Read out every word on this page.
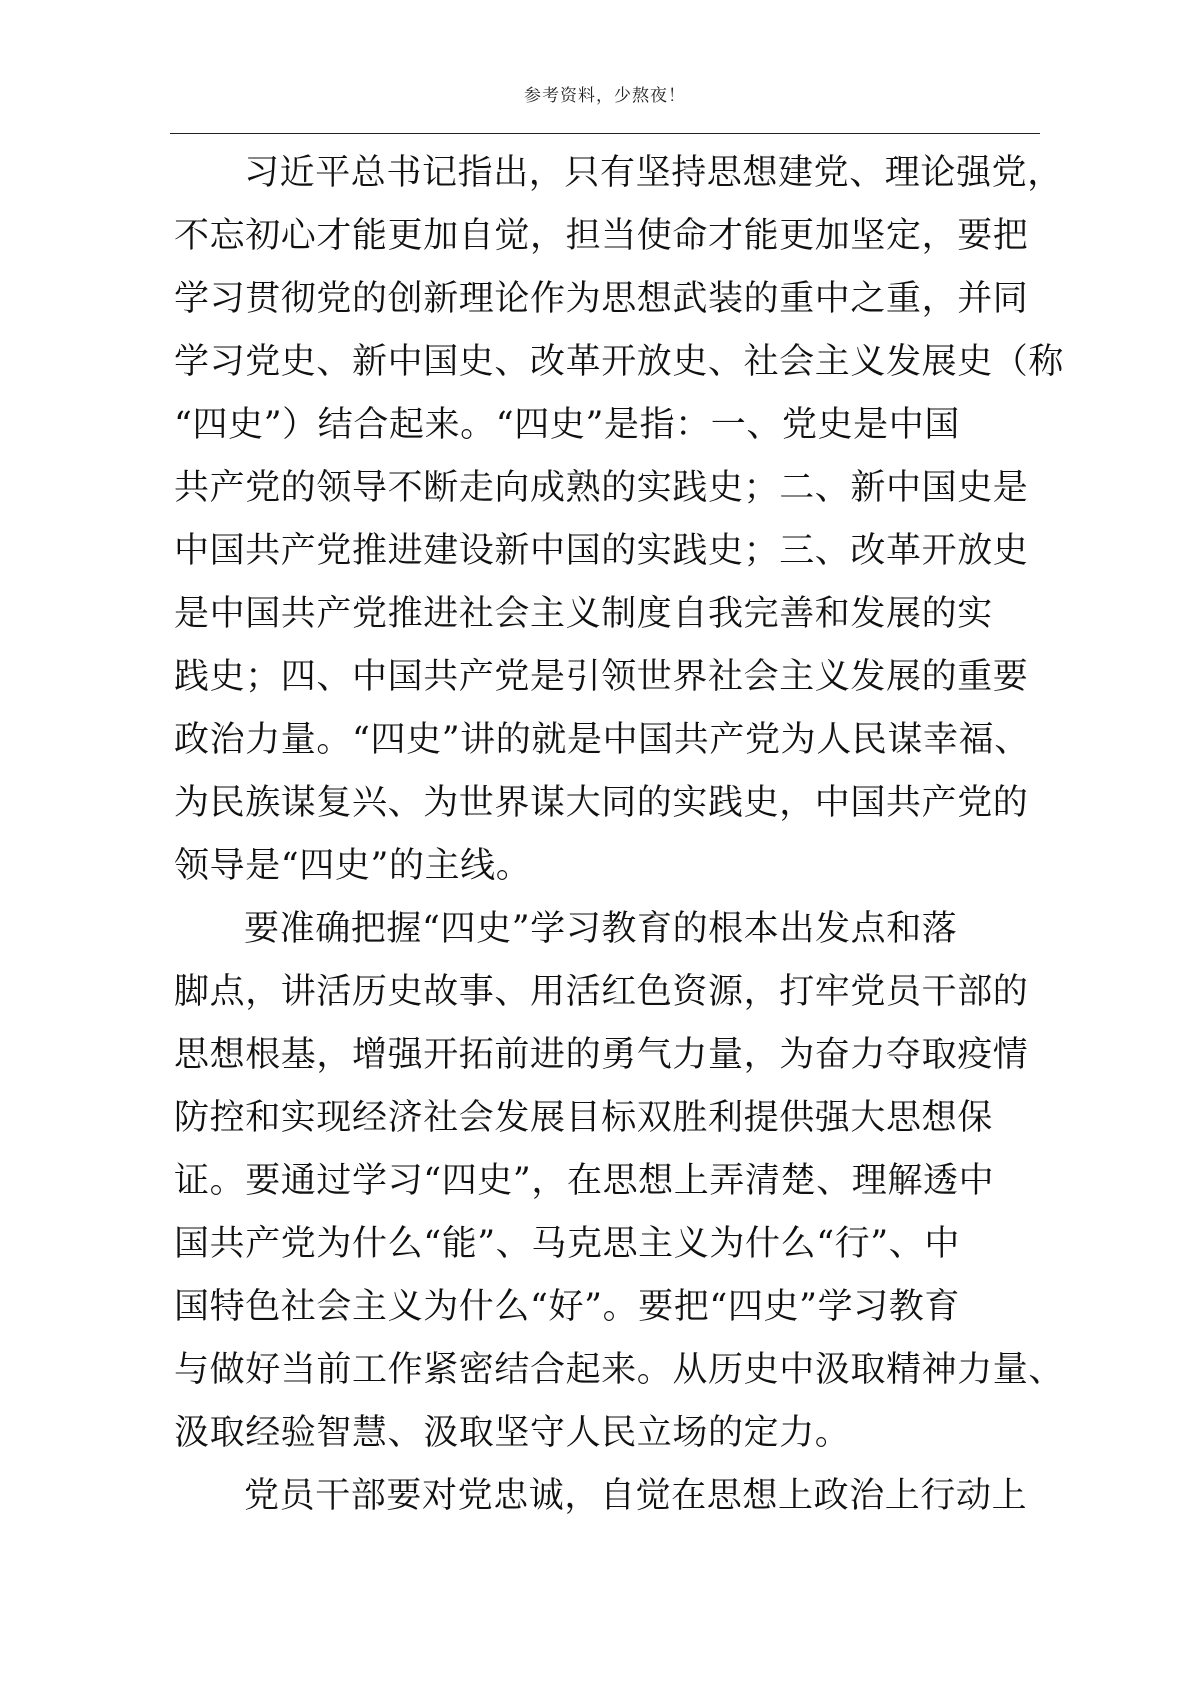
参考资料，少熬夜！
习近平总书记指出，只有坚持思想建党、理论强党，
不忘初心才能更加自觉，担当使命才能更加坚定，要把
学习贯彻党的创新理论作为思想武装的重中之重，并同
学习党史、新中国史、改革开放史、社会主义发展史（称
“四史”）结合起来。“四史”是指：一、党史是中国
共产党的领导不断走向成熟的实践史；二、新中国史是
中国共产党推进建设新中国的实践史；三、改革开放史
是中国共产党推进社会主义制度自我完善和发展的实
践史；四、中国共产党是引领世界社会主义发展的重要
政治力量。“四史”讲的就是中国共产党为人民谋幸福、
为民族谋复兴、为世界谋大同的实践史，中国共产党的
领导是“四史”的主线。
要准确把握“四史”学习教育的根本出发点和落
脚点，讲活历史故事、用活红色资源，打牢党员干部的
思想根基，增强开拓前进的勇气力量，为奋力夺取疫情
防控和实现经济社会发展目标双胜利提供强大思想保
证。要通过学习“四史”，在思想上弄清楚、理解透中
国共产党为什么“能”、马克思主义为什么“行”、中
国特色社会主义为什么“好”。要把“四史”学习教育
与做好当前工作紧密结合起来。从历史中汲取精神力量、
汲取经验智慧、汲取坚守人民立场的定力。
党员干部要对党忠诚，自觉在思想上政治上行动上
